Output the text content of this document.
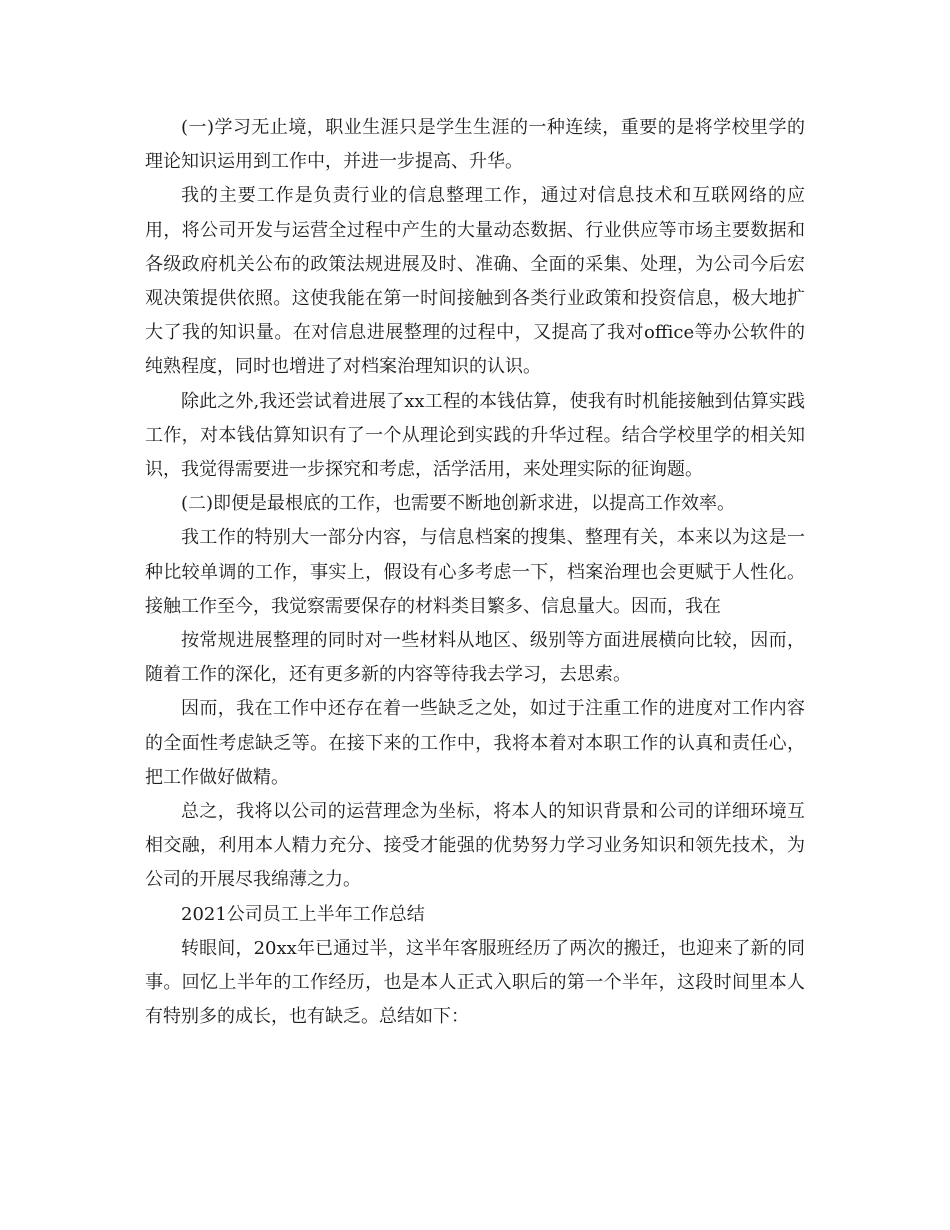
(一)学习无止境，职业生涯只是学生生涯的一种连续，重要的是将学校里学的理论知识运用到工作中，并进一步提高、升华。

我的主要工作是负责行业的信息整理工作，通过对信息技术和互联网络的应用，将公司开发与运营全过程中产生的大量动态数据、行业供应等市场主要数据和各级政府机关公布的政策法规进展及时、准确、全面的采集、处理，为公司今后宏观决策提供依照。这使我能在第一时间接触到各类行业政策和投资信息，极大地扩大了我的知识量。在对信息进展整理的过程中，又提高了我对office等办公软件的纯熟程度，同时也增进了对档案治理知识的认识。

除此之外,我还尝试着进展了xx工程的本钱估算，使我有时机能接触到估算实践工作，对本钱估算知识有了一个从理论到实践的升华过程。结合学校里学的相关知识，我觉得需要进一步探究和考虑，活学活用，来处理实际的征询题。

(二)即便是最根底的工作，也需要不断地创新求进，以提高工作效率。

我工作的特别大一部分内容，与信息档案的搜集、整理有关，本来以为这是一种比较单调的工作，事实上，假设有心多考虑一下，档案治理也会更赋于人性化。接触工作至今，我觉察需要保存的材料类目繁多、信息量大。因而，我在

按常规进展整理的同时对一些材料从地区、级别等方面进展横向比较，因而，随着工作的深化，还有更多新的内容等待我去学习，去思索。

因而，我在工作中还存在着一些缺乏之处，如过于注重工作的进度对工作内容的全面性考虑缺乏等。在接下来的工作中，我将本着对本职工作的认真和责任心，把工作做好做精。

总之，我将以公司的运营理念为坐标，将本人的知识背景和公司的详细环境互相交融，利用本人精力充分、接受才能强的优势努力学习业务知识和领先技术，为公司的开展尽我绵薄之力。

2021公司员工上半年工作总结

转眼间，20xx年已通过半，这半年客服班经历了两次的搬迁，也迎来了新的同事。回忆上半年的工作经历，也是本人正式入职后的第一个半年，这段时间里本人有特别多的成长，也有缺乏。总结如下：
